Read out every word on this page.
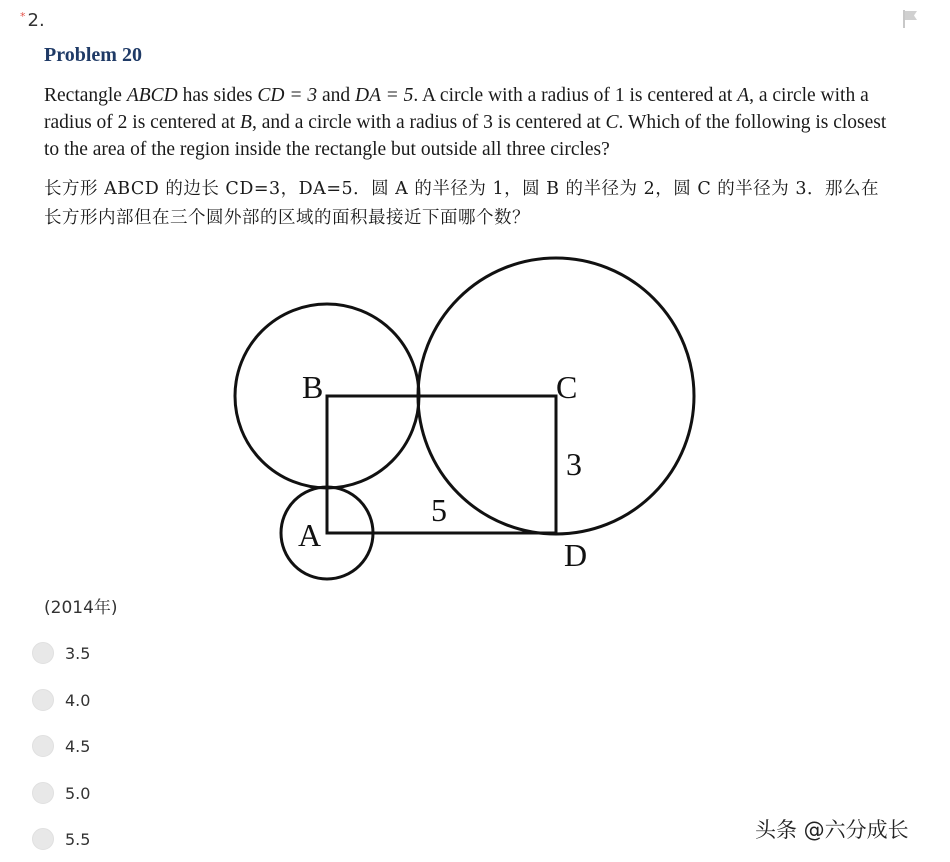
* 2.
Problem 20
Rectangle ABCD has sides CD = 3 and DA = 5. A circle with a radius of 1 is centered at A, a circle with a radius of 2 is centered at B, and a circle with a radius of 3 is centered at C. Which of the following is closest to the area of the region inside the rectangle but outside all three circles?
长方形 ABCD 的边长 CD=3，DA=5．圆 A 的半径为 1，圆 B 的半径为 2，圆 C 的半径为 3．那么在长方形内部但在三个圆外部的区域的面积最接近下面哪个数？
A
B	C
D
5
3
(2014年)
3.5
4.0
4.5
5.0
5.5	头条 @六分成长
